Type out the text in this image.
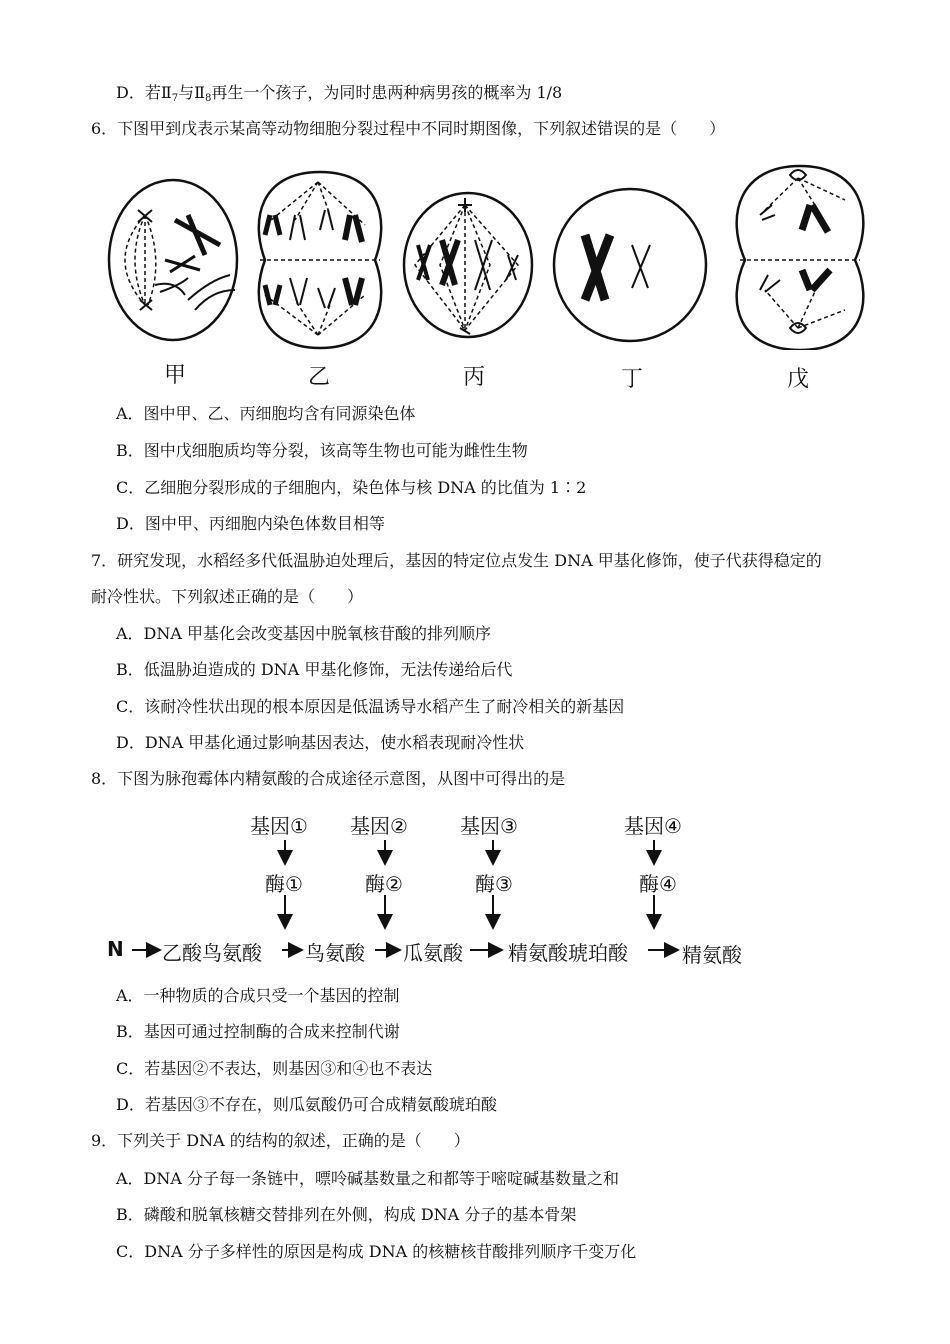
D．若$Ⅱ_7$与$Ⅱ_8$再生一个孩子，为同时患两种病男孩的概率为 1/8
6．下图甲到戊表示某高等动物细胞分裂过程中不同时期图像，下列叙述错误的是（　　）
甲	乙	丙	丁	戊
A．图中甲、乙、丙细胞均含有同源染色体
B．图中戊细胞质均等分裂，该高等生物也可能为雌性生物
C．乙细胞分裂形成的子细胞内，染色体与核 DNA 的比值为 1∶2
D．图中甲、丙细胞内染色体数目相等
7．研究发现，水稻经多代低温胁迫处理后，基因的特定位点发生 DNA 甲基化修饰，使子代获得稳定的
耐冷性状。下列叙述正确的是（　　）
A．DNA 甲基化会改变基因中脱氧核苷酸的排列顺序
B．低温胁迫造成的 DNA 甲基化修饰，无法传递给后代
C．该耐冷性状出现的根本原因是低温诱导水稻产生了耐冷相关的新基因
D．DNA 甲基化通过影响基因表达，使水稻表现耐冷性状
8．下图为脉孢霉体内精氨酸的合成途径示意图，从图中可得出的是
基因① 基因②	基因③	基因④
酶①	酶②	酶③	酶④
N 乙酸鸟氨酸 鸟氨酸 瓜氨酸 精氨酸琥珀酸	精氨酸
A．一种物质的合成只受一个基因的控制
B．基因可通过控制酶的合成来控制代谢
C．若基因②不表达，则基因③和④也不表达
D．若基因③不存在，则瓜氨酸仍可合成精氨酸琥珀酸
9．下列关于 DNA 的结构的叙述，正确的是（　　）
A．DNA 分子每一条链中，嘌呤碱基数量之和都等于嘧啶碱基数量之和
B．磷酸和脱氧核糖交替排列在外侧，构成 DNA 分子的基本骨架
C．DNA 分子多样性的原因是构成 DNA 的核糖核苷酸排列顺序千变万化
